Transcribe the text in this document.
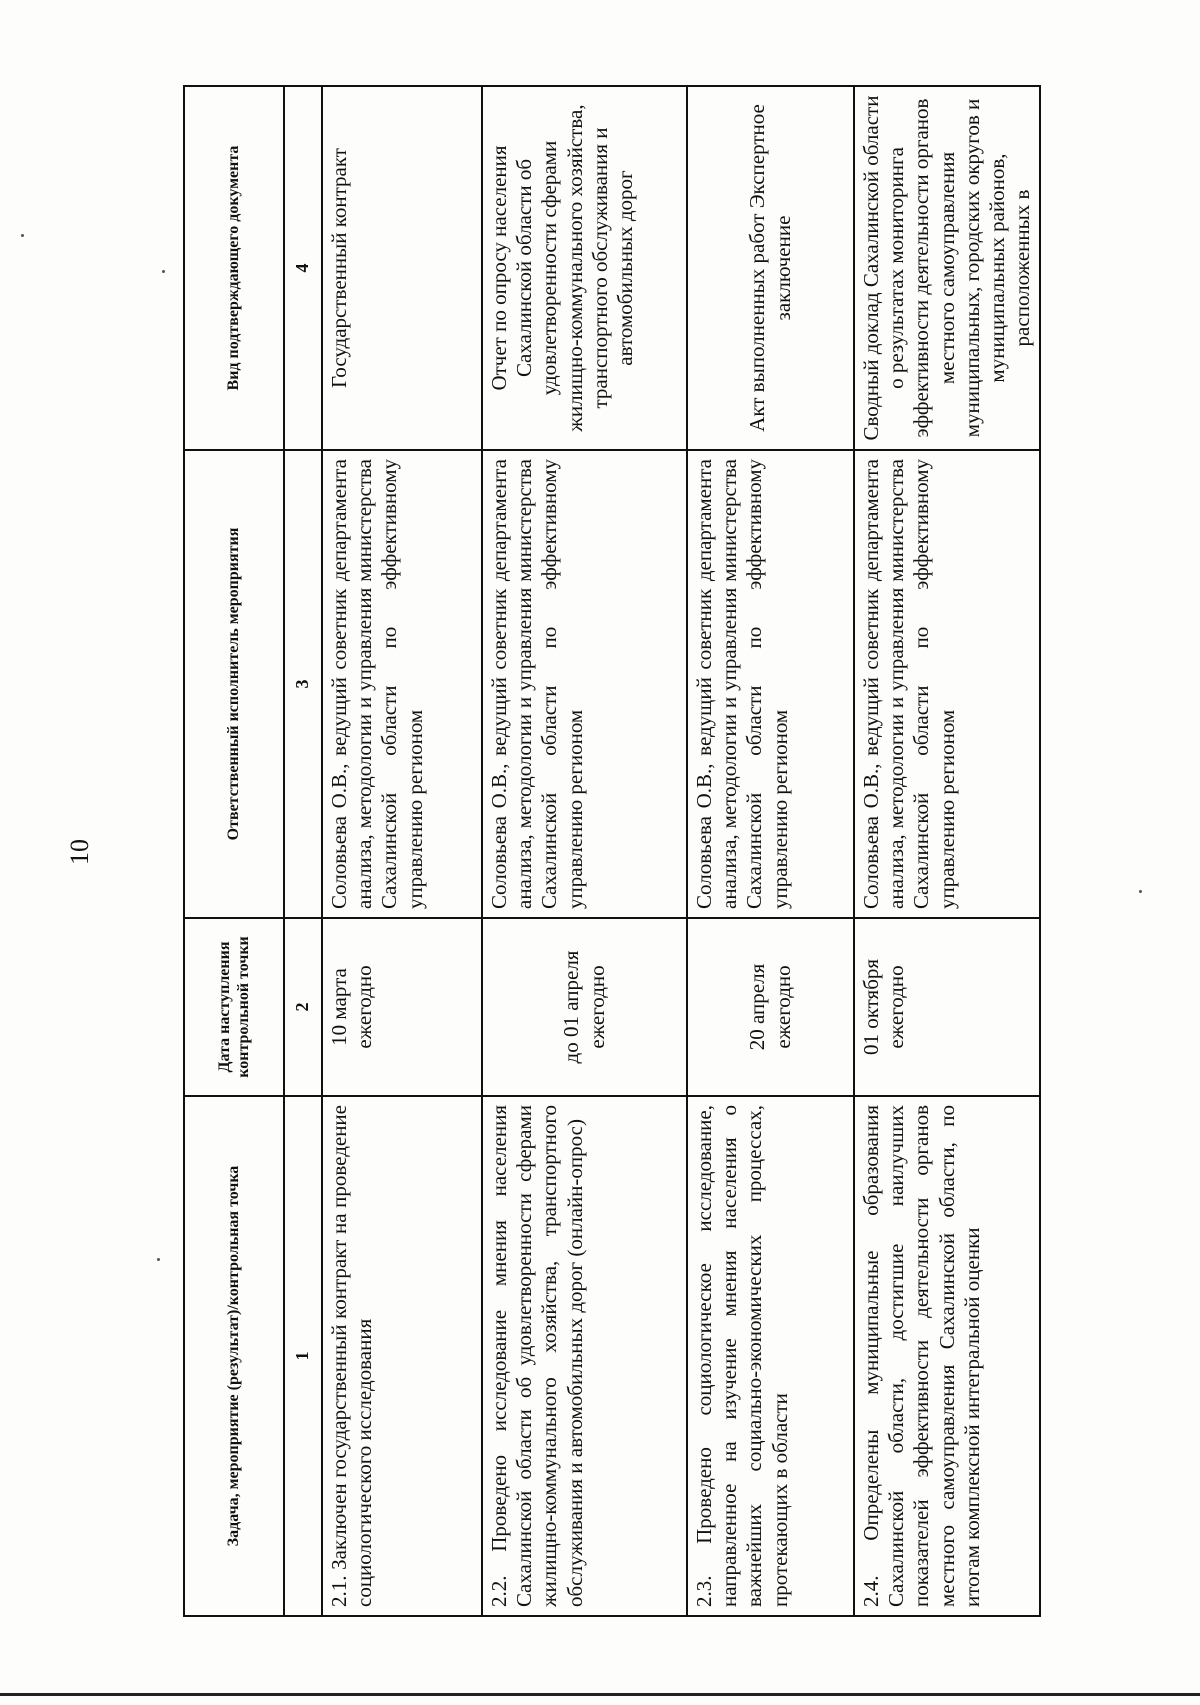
10
Задача, мероприятие (результат)/контрольная точка	Дата наступления контрольной точки	Ответственный исполнитель мероприятия	Вид подтверждающего документа
1	2	3	4
2.1. Заключен государственный контракт на проведение социологического исследования	10 марта ежегодно	Соловьева О.В., ведущий советник департамента анализа, методологии и управления министерства Сахалинской области по эффективному управлению регионом	Государственный контракт
2.2. Проведено исследование мнения населения Сахалинской области об удовлетворенности сферами жилищно-коммунального хозяйства, транспортного обслуживания и автомобильных дорог (онлайн-опрос)	до 01 апреля ежегодно	Соловьева О.В., ведущий советник департамента анализа, методологии и управления министерства Сахалинской области по эффективному управлению регионом	Отчет по опросу населения Сахалинской области об удовлетворенности сферами жилищно-коммунального хозяйства, транспортного обслуживания и автомобильных дорог
2.3. Проведено социологическое исследование, направленное на изучение мнения населения о важнейших социально-экономических процессах, протекающих в области	20 апреля ежегодно	Соловьева О.В., ведущий советник департамента анализа, методологии и управления министерства Сахалинской области по эффективному управлению регионом	Акт выполненных работ Экспертное заключение
2.4. Определены муниципальные образования Сахалинской области, достигшие наилучших показателей эффективности деятельности органов местного самоуправления Сахалинской области, по итогам комплексной интегральной оценки	01 октября ежегодно	Соловьева О.В., ведущий советник департамента анализа, методологии и управления министерства Сахалинской области по эффективному управлению регионом	Сводный доклад Сахалинской области о результатах мониторинга эффективности деятельности органов местного самоуправления муниципальных, городских округов и муниципальных районов, расположенных в
